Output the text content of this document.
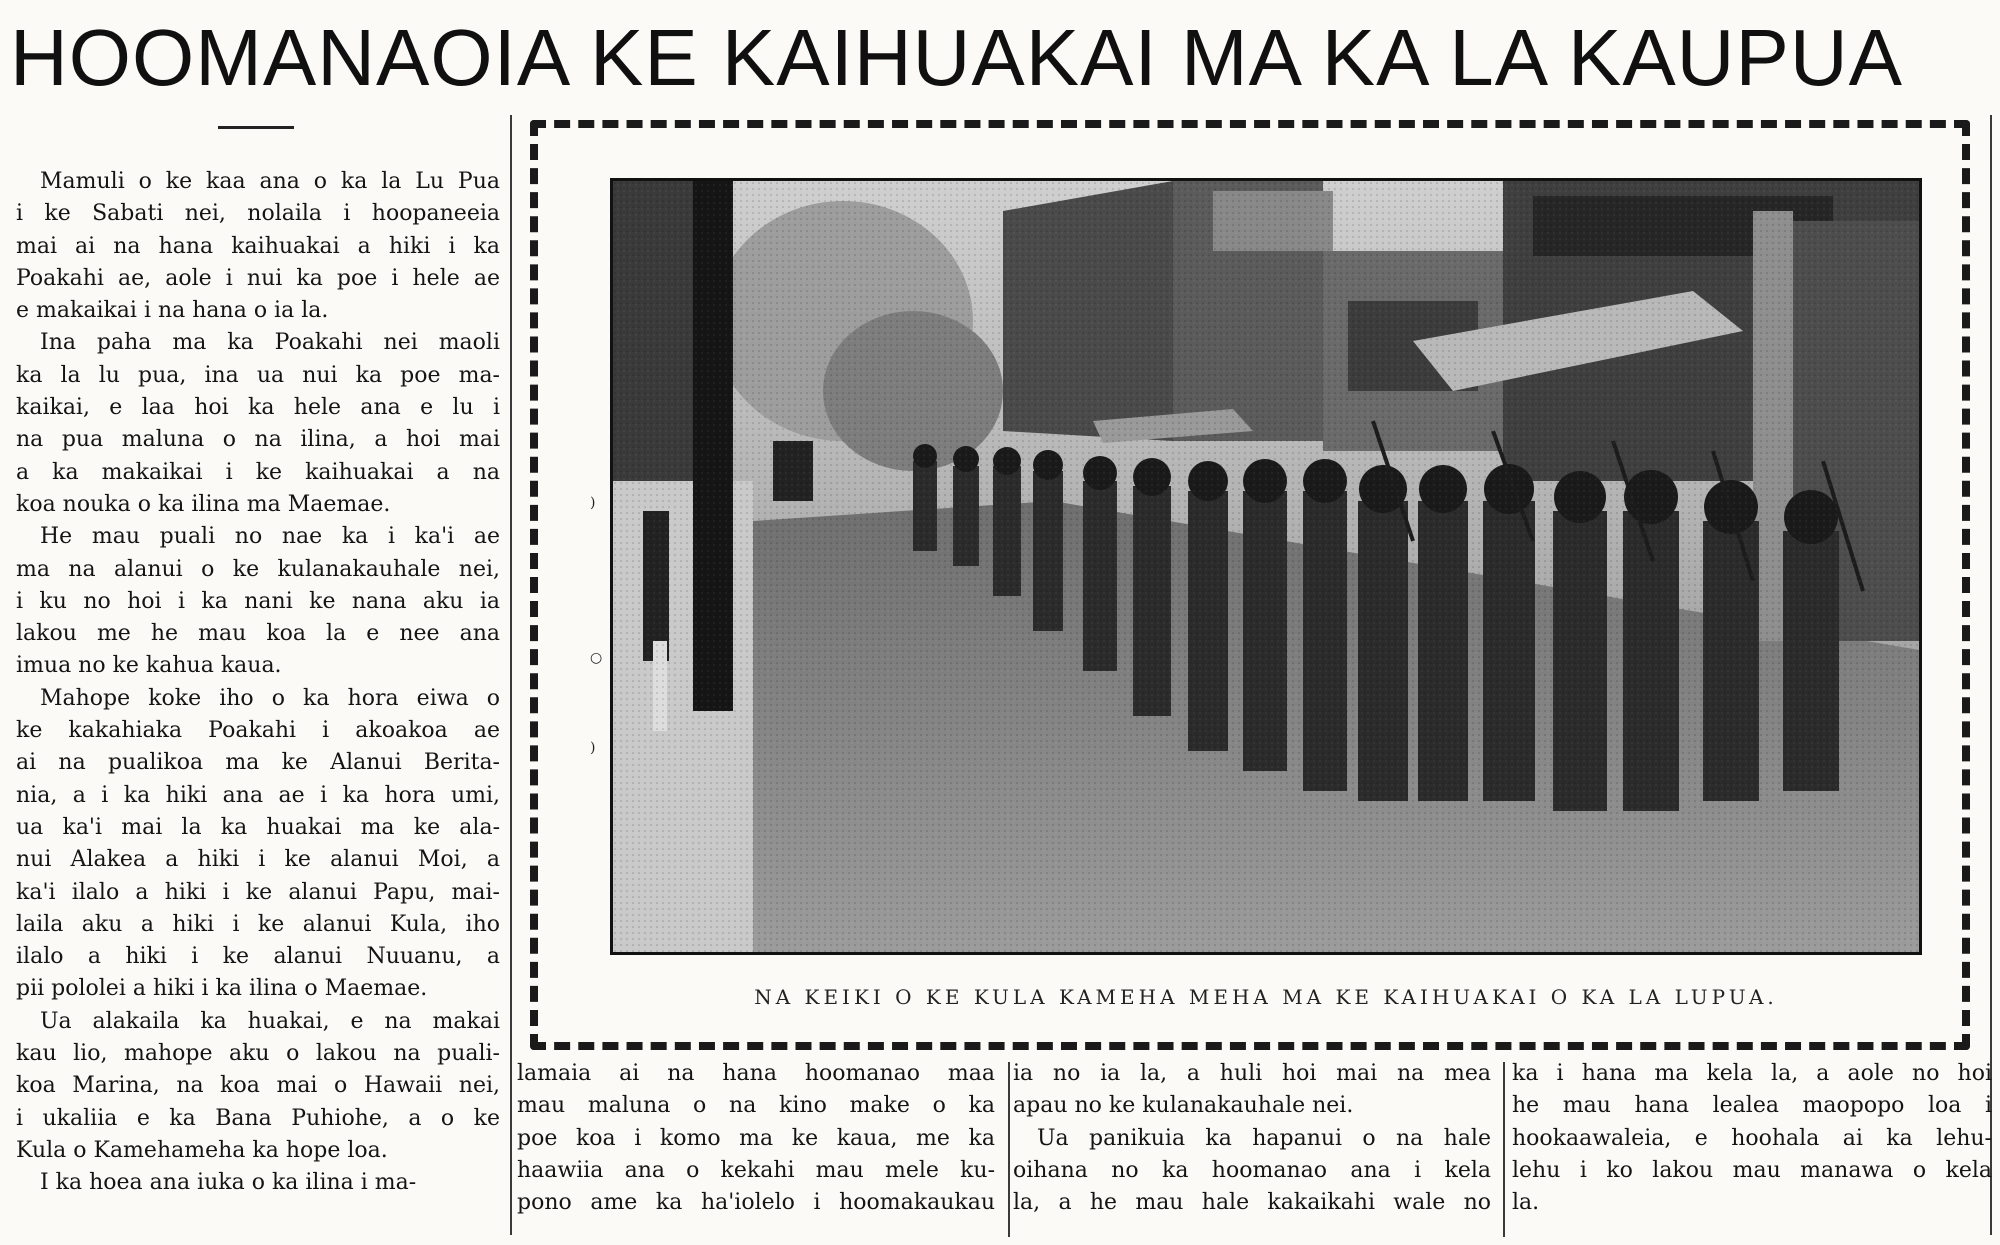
HOOMANAOIA KE KAIHUAKAI MA KA LA KAUPUA
Mamuli o ke kaa ana o ka la Lu Pua
i ke Sabati nei, nolaila i hoopaneeia
mai ai na hana kaihuakai a hiki i ka
Poakahi ae, aole i nui ka poe i hele ae
e makaikai i na hana o ia la.
Ina paha ma ka Poakahi nei maoli
ka la lu pua, ina ua nui ka poe ma-
kaikai, e laa hoi ka hele ana e lu i
na pua maluna o na ilina, a hoi mai
a ka makaikai i ke kaihuakai a na
koa nouka o ka ilina ma Maemae.
He mau puali no nae ka i ka'i ae
ma na alanui o ke kulanakauhale nei,
i ku no hoi i ka nani ke nana aku ia
lakou me he mau koa la e nee ana
imua no ke kahua kaua.
Mahope koke iho o ka hora eiwa o
ke kakahiaka Poakahi i akoakoa ae
ai na pualikoa ma ke Alanui Berita-
nia, a i ka hiki ana ae i ka hora umi,
ua ka'i mai la ka huakai ma ke ala-
nui Alakea a hiki i ke alanui Moi, a
ka'i ilalo a hiki i ke alanui Papu, mai-
laila aku a hiki i ke alanui Kula, iho
ilalo a hiki i ke alanui Nuuanu, a
pii pololei a hiki i ka ilina o Maemae.
Ua alakaila ka huakai, e na makai
kau lio, mahope aku o lakou na puali-
koa Marina, na koa mai o Hawaii nei,
i ukaliia e ka Bana Puhiohe, a o ke
Kula o Kamehameha ka hope loa.
I ka hoea ana iuka o ka ilina i ma-
NA KEIKI O KE KULA KAMEHA MEHA MA KE KAIHUAKAI O KA LA LUPUA.
)
○
)
lamaia ai na hana hoomanao maa
mau maluna o na kino make o ka
poe koa i komo ma ke kaua, me ka
haawiia ana o kekahi mau mele ku-
pono ame ka ha'iolelo i hoomakaukau
ia no ia la, a huli hoi mai na mea
apau no ke kulanakauhale nei.
Ua panikuia ka hapanui o na hale
oihana no ka hoomanao ana i kela
la, a he mau hale kakaikahi wale no
ka i hana ma kela la, a aole no hoi
he mau hana lealea maopopo loa i
hookaawaleia, e hoohala ai ka lehu-
lehu i ko lakou mau manawa o kela
la.
